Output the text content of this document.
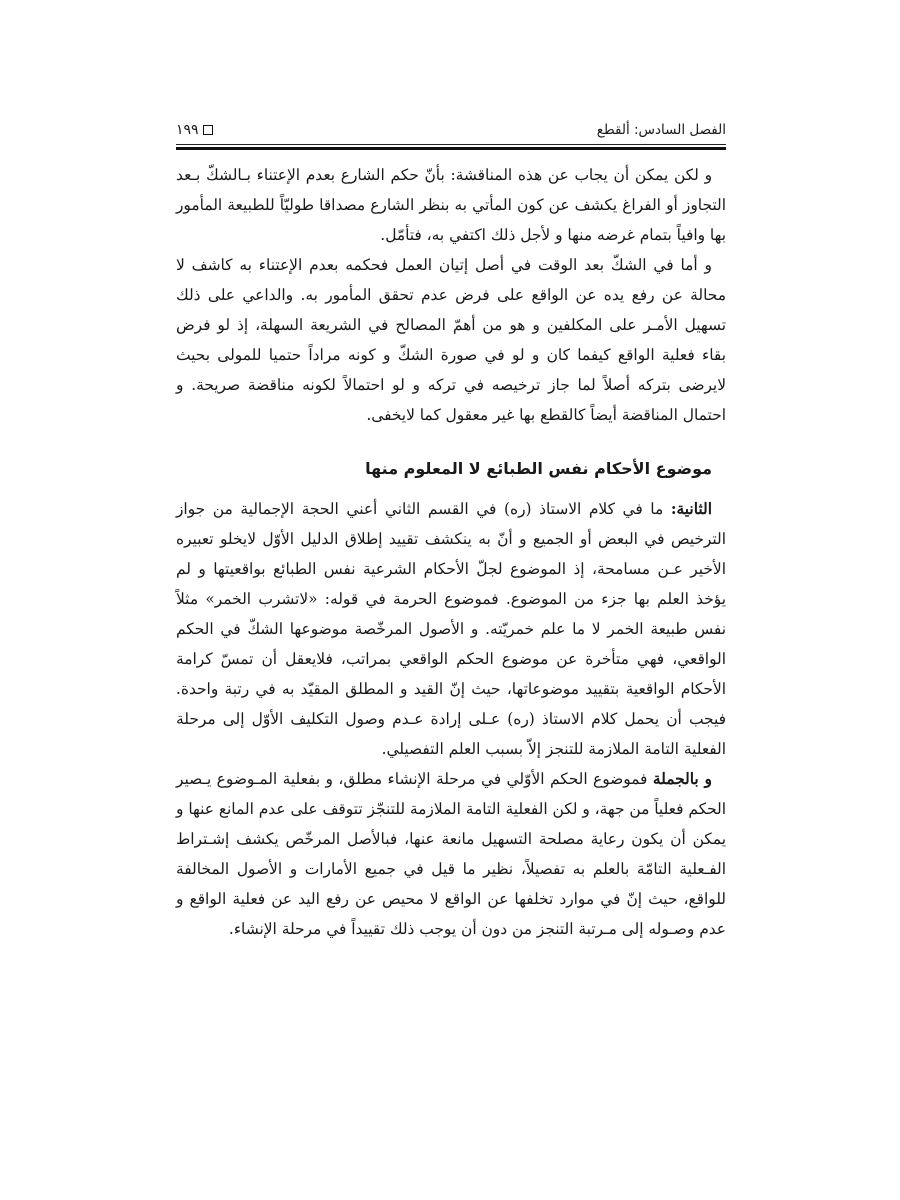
الفصل السادس: ألقطع
١٩٩

و لكن يمكن أن يجاب عن هذه المناقشة: بأنّ حكم الشارع بعدم الإعتناء بـالشكّ بـعد التجاوز أو الفراغ يكشف عن كون المأتي به بنظر الشارع مصداقا طوليّاً للطبيعة المأمور بها وافياً بتمام غرضه منها و لأجل ذلك اكتفي به، فتأمّل.

و أما في الشكّ بعد الوقت في أصل إتيان العمل فحكمه بعدم الإعتناء به كاشف لا محالة عن رفع يده عن الواقع على فرض عدم تحقق المأمور به. والداعي على ذلك تسهيل الأمـر على المكلفين و هو من أهمّ المصالح في الشريعة السهلة، إذ لو فرض بقاء فعلية الواقع كيفما كان و لو في صورة الشكّ و كونه مراداً حتميا للمولى بحيث لايرضى بتركه أصلاً لما جاز ترخيصه في تركه و لو احتمالاً لكونه مناقضة صريحة. و احتمال المناقضة أيضاً كالقطع بها غير معقول كما لايخفى.

موضوع الأحكام نفس الطبائع لا المعلوم منها

الثانية: ما في كلام الاستاذ (ره) في القسم الثاني أعني الحجة الإجمالية من جواز الترخيص في البعض أو الجميع و أنّ به ينكشف تقييد إطلاق الدليل الأوّل لايخلو تعبيره الأخير عـن مسامحة، إذ الموضوع لجلّ الأحكام الشرعية نفس الطبائع بواقعيتها و لم يؤخذ العلم بها جزء من الموضوع. فموضوع الحرمة في قوله: «لاتشرب الخمر» مثلاً نفس طبيعة الخمر لا ما علم خمريّته. و الأصول المرخّصة موضوعها الشكّ في الحكم الواقعي، فهي متأخرة عن موضوع الحكم الواقعي بمراتب، فلايعقل أن تمسّ كرامة الأحكام الواقعية بتقييد موضوعاتها، حيث إنّ القيد و المطلق المقيّد به في رتبة واحدة. فيجب أن يحمل كلام الاستاذ (ره) عـلى إرادة عـدم وصول التكليف الأوّل إلى مرحلة الفعلية التامة الملازمة للتنجز إلاّ بسبب العلم التفصيلي.

و بالجملة فموضوع الحكم الأوّلي في مرحلة الإنشاء مطلق، و بفعلية المـوضوع يـصير الحكم فعلياً من جهة، و لكن الفعلية التامة الملازمة للتنجّز تتوقف على عدم المانع عنها و يمكن أن يكون رعاية مصلحة التسهيل مانعة عنها، فبالأصل المرخّص يكشف إشـتراط الفـعلية التامّة بالعلم به تفصيلاً، نظير ما قيل في جميع الأمارات و الأصول المخالفة للواقع، حيث إنّ في موارد تخلفها عن الواقع لا محيص عن رفع اليد عن فعلية الواقع و عدم وصـوله إلى مـرتبة التنجز من دون أن يوجب ذلك تقييداً في مرحلة الإنشاء.
